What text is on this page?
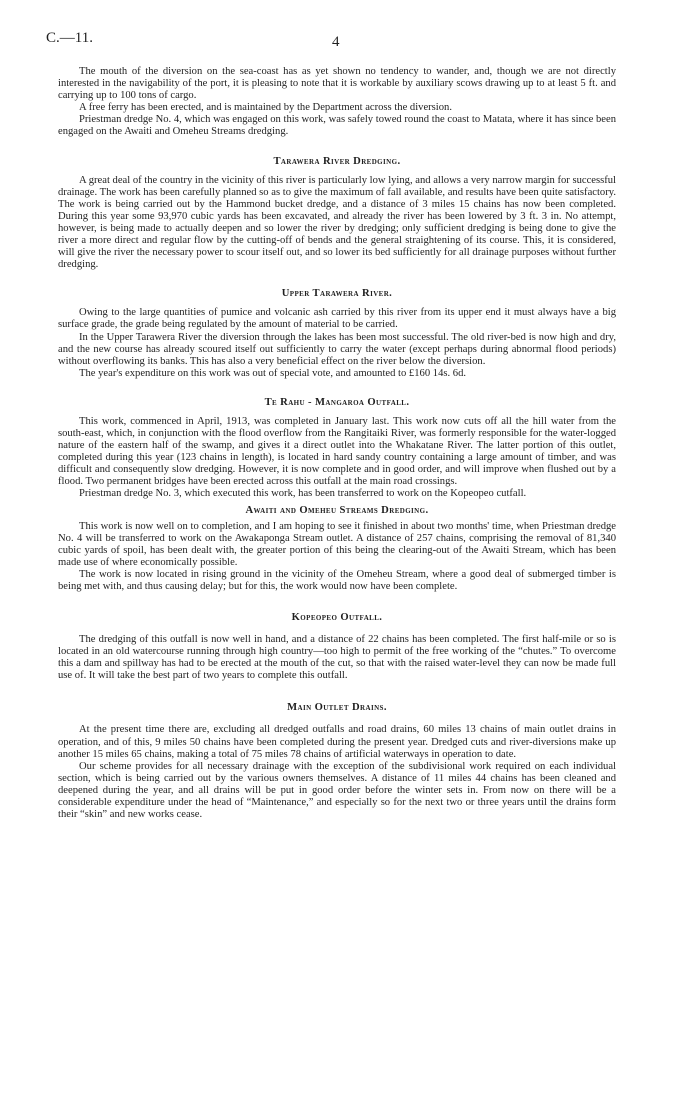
C.—11.	4

The mouth of the diversion on the sea-coast has as yet shown no tendency to wander, and, though we are not directly interested in the navigability of the port, it is pleasing to note that it is workable by auxiliary scows drawing up to at least 5 ft. and carrying up to 100 tons of cargo.

A free ferry has been erected, and is maintained by the Department across the diversion.

Priestman dredge No. 4, which was engaged on this work, was safely towed round the coast to Matata, where it has since been engaged on the Awaiti and Omeheu Streams dredging.

Tarawera River Dredging.

A great deal of the country in the vicinity of this river is particularly low lying, and allows a very narrow margin for successful drainage. The work has been carefully planned so as to give the maximum of fall available, and results have been quite satisfactory. The work is being carried out by the Hammond bucket dredge, and a distance of 3 miles 15 chains has now been completed. During this year some 93,970 cubic yards has been excavated, and already the river has been lowered by 3 ft. 3 in. No attempt, however, is being made to actually deepen and so lower the river by dredging; only sufficient dredging is being done to give the river a more direct and regular flow by the cutting-off of bends and the general straightening of its course. This, it is considered, will give the river the necessary power to scour itself out, and so lower its bed sufficiently for all drainage purposes without further dredging.

Upper Tarawera River.

Owing to the large quantities of pumice and volcanic ash carried by this river from its upper end it must always have a big surface grade, the grade being regulated by the amount of material to be carried.

In the Upper Tarawera River the diversion through the lakes has been most successful. The old river-bed is now high and dry, and the new course has already scoured itself out sufficiently to carry the water (except perhaps during abnormal flood periods) without overflowing its banks. This has also a very beneficial effect on the river below the diversion.

The year's expenditure on this work was out of special vote, and amounted to £160 14s. 6d.

Te Rahu - Mangaroa Outfall.

This work, commenced in April, 1913, was completed in January last. This work now cuts off all the hill water from the south-east, which, in conjunction with the flood overflow from the Rangitaiki River, was formerly responsible for the water-logged nature of the eastern half of the swamp, and gives it a direct outlet into the Whakatane River. The latter portion of this outlet, completed during this year (123 chains in length), is located in hard sandy country containing a large amount of timber, and was difficult and consequently slow dredging. However, it is now complete and in good order, and will improve when flushed out by a flood. Two permanent bridges have been erected across this outfall at the main road crossings.

Priestman dredge No. 3, which executed this work, has been transferred to work on the Kopeopeo cutfall.

Awaiti and Omeheu Streams Dredging.

This work is now well on to completion, and I am hoping to see it finished in about two months' time, when Priestman dredge No. 4 will be transferred to work on the Awakaponga Stream outlet. A distance of 257 chains, comprising the removal of 81,340 cubic yards of spoil, has been dealt with, the greater portion of this being the clearing-out of the Awaiti Stream, which has been made use of where economically possible.

The work is now located in rising ground in the vicinity of the Omeheu Stream, where a good deal of submerged timber is being met with, and thus causing delay; but for this, the work would now have been complete.

Kopeopeo Outfall.

The dredging of this outfall is now well in hand, and a distance of 22 chains has been completed. The first half-mile or so is located in an old watercourse running through high country—too high to permit of the free working of the “chutes.” To overcome this a dam and spillway has had to be erected at the mouth of the cut, so that with the raised water-level they can now be made full use of. It will take the best part of two years to complete this outfall.

Main Outlet Drains.

At the present time there are, excluding all dredged outfalls and road drains, 60 miles 13 chains of main outlet drains in operation, and of this, 9 miles 50 chains have been completed during the present year. Dredged cuts and river-diversions make up another 15 miles 65 chains, making a total of 75 miles 78 chains of artificial waterways in operation to date.

Our scheme provides for all necessary drainage with the exception of the subdivisional work required on each individual section, which is being carried out by the various owners themselves. A distance of 11 miles 44 chains has been cleaned and deepened during the year, and all drains will be put in good order before the winter sets in. From now on there will be a considerable expenditure under the head of “Maintenance,” and especially so for the next two or three years until the drains form their “skin” and new works cease.
